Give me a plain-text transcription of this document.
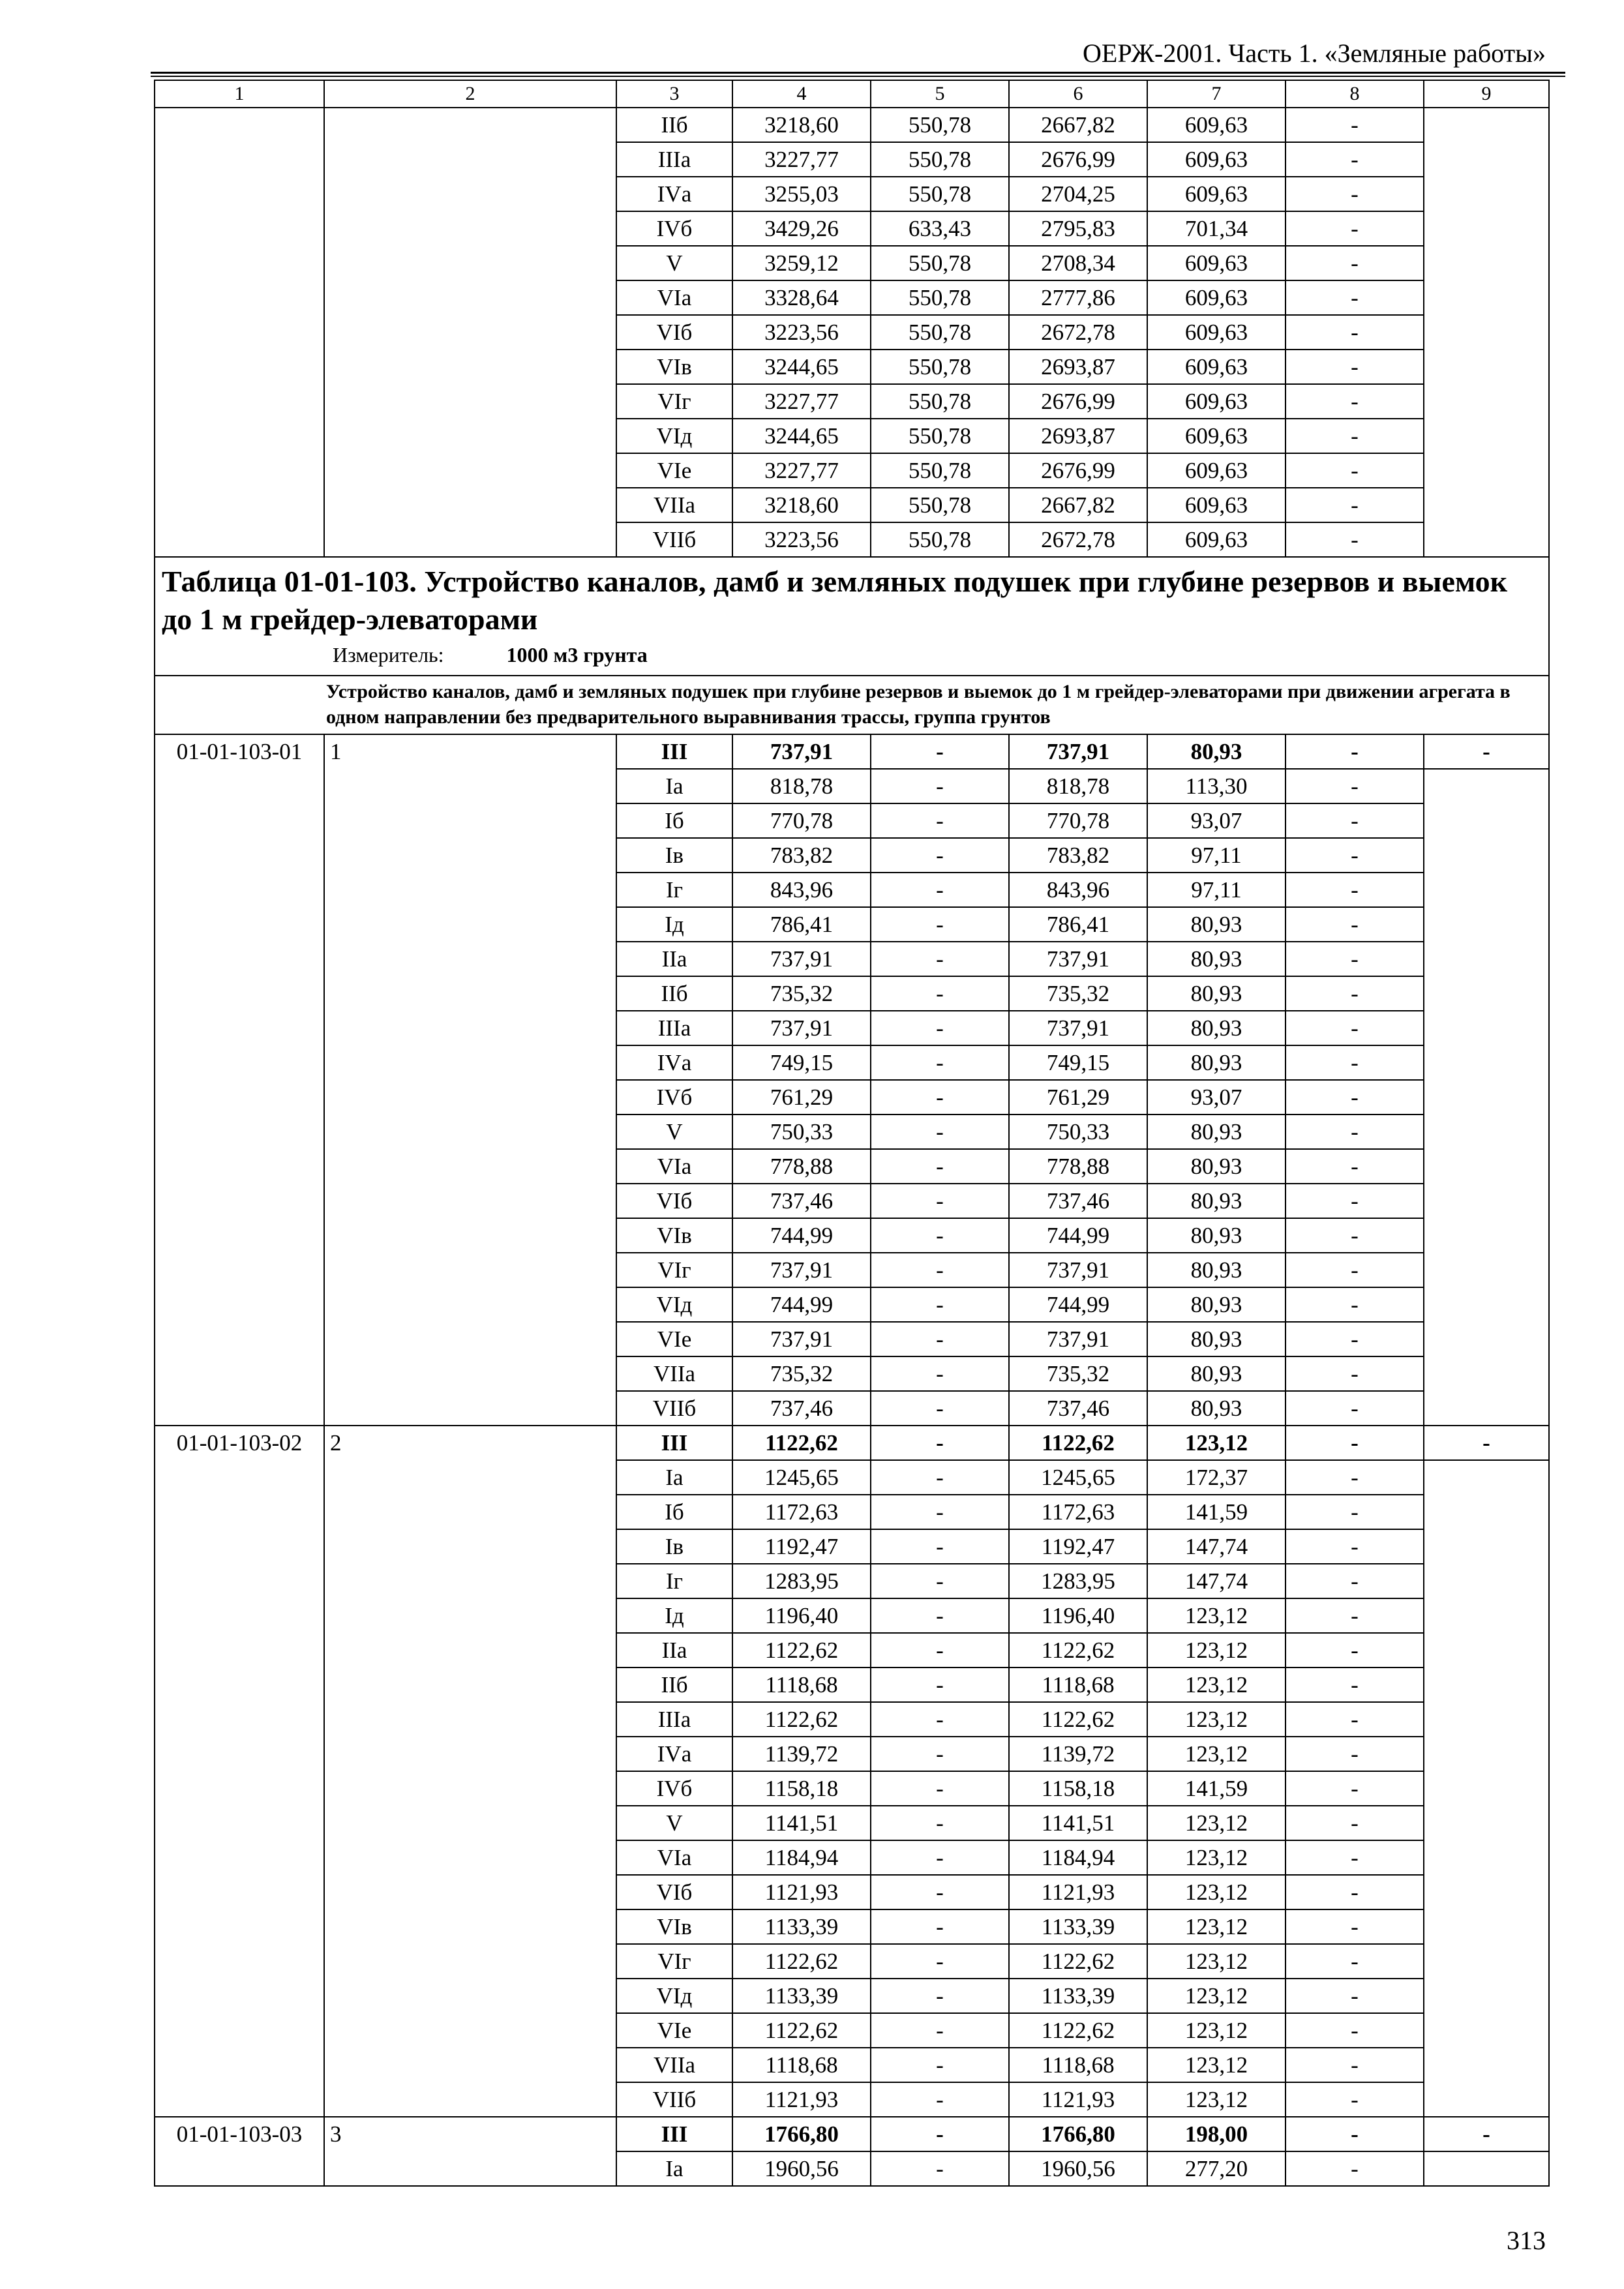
ОЕРЖ-2001. Часть 1. «Земляные работы»
1	2	3	4	5	6	7	8	9
		IIб	3218,60	550,78	2667,82	609,63	-	
		IIIа	3227,77	550,78	2676,99	609,63	-	
		IVа	3255,03	550,78	2704,25	609,63	-	
		IVб	3429,26	633,43	2795,83	701,34	-	
		V	3259,12	550,78	2708,34	609,63	-	
		VIа	3328,64	550,78	2777,86	609,63	-	
		VIб	3223,56	550,78	2672,78	609,63	-	
		VIв	3244,65	550,78	2693,87	609,63	-	
		VIг	3227,77	550,78	2676,99	609,63	-	
		VIд	3244,65	550,78	2693,87	609,63	-	
		VIе	3227,77	550,78	2676,99	609,63	-	
		VIIа	3218,60	550,78	2667,82	609,63	-	
		VIIб	3223,56	550,78	2672,78	609,63	-	

Таблица 01-01-103. Устройство каналов, дамб и земляных подушек при глубине резервов и выемок до 1 м грейдер-элеваторами
Измеритель: 1000 м3 грунта								

Устройство каналов, дамб и земляных подушек при глубине резервов и выемок до 1 м грейдер-элеваторами при движении агрегата в одном направлении без предварительного выравнивания трассы, группа грунтов								
01-01-103-01	1	III	737,91	-	737,91	80,93	-	-
		Iа	818,78	-	818,78	113,30	-	
		Iб	770,78	-	770,78	93,07	-	
		Iв	783,82	-	783,82	97,11	-	
		Iг	843,96	-	843,96	97,11	-	
		Iд	786,41	-	786,41	80,93	-	
		IIа	737,91	-	737,91	80,93	-	
		IIб	735,32	-	735,32	80,93	-	
		IIIа	737,91	-	737,91	80,93	-	
		IVа	749,15	-	749,15	80,93	-	
		IVб	761,29	-	761,29	93,07	-	
		V	750,33	-	750,33	80,93	-	
		VIа	778,88	-	778,88	80,93	-	
		VIб	737,46	-	737,46	80,93	-	
		VIв	744,99	-	744,99	80,93	-	
		VIг	737,91	-	737,91	80,93	-	
		VIд	744,99	-	744,99	80,93	-	
		VIе	737,91	-	737,91	80,93	-	
		VIIа	735,32	-	735,32	80,93	-	
		VIIб	737,46	-	737,46	80,93	-	
01-01-103-02	2	III	1122,62	-	1122,62	123,12	-	-
		Iа	1245,65	-	1245,65	172,37	-	
		Iб	1172,63	-	1172,63	141,59	-	
		Iв	1192,47	-	1192,47	147,74	-	
		Iг	1283,95	-	1283,95	147,74	-	
		Iд	1196,40	-	1196,40	123,12	-	
		IIа	1122,62	-	1122,62	123,12	-	
		IIб	1118,68	-	1118,68	123,12	-	
		IIIа	1122,62	-	1122,62	123,12	-	
		IVа	1139,72	-	1139,72	123,12	-	
		IVб	1158,18	-	1158,18	141,59	-	
		V	1141,51	-	1141,51	123,12	-	
		VIа	1184,94	-	1184,94	123,12	-	
		VIб	1121,93	-	1121,93	123,12	-	
		VIв	1133,39	-	1133,39	123,12	-	
		VIг	1122,62	-	1122,62	123,12	-	
		VIд	1133,39	-	1133,39	123,12	-	
		VIе	1122,62	-	1122,62	123,12	-	
		VIIа	1118,68	-	1118,68	123,12	-	
		VIIб	1121,93	-	1121,93	123,12	-	
01-01-103-03	3	III	1766,80	-	1766,80	198,00	-	-
		Iа	1960,56	-	1960,56	277,20	-	
313
